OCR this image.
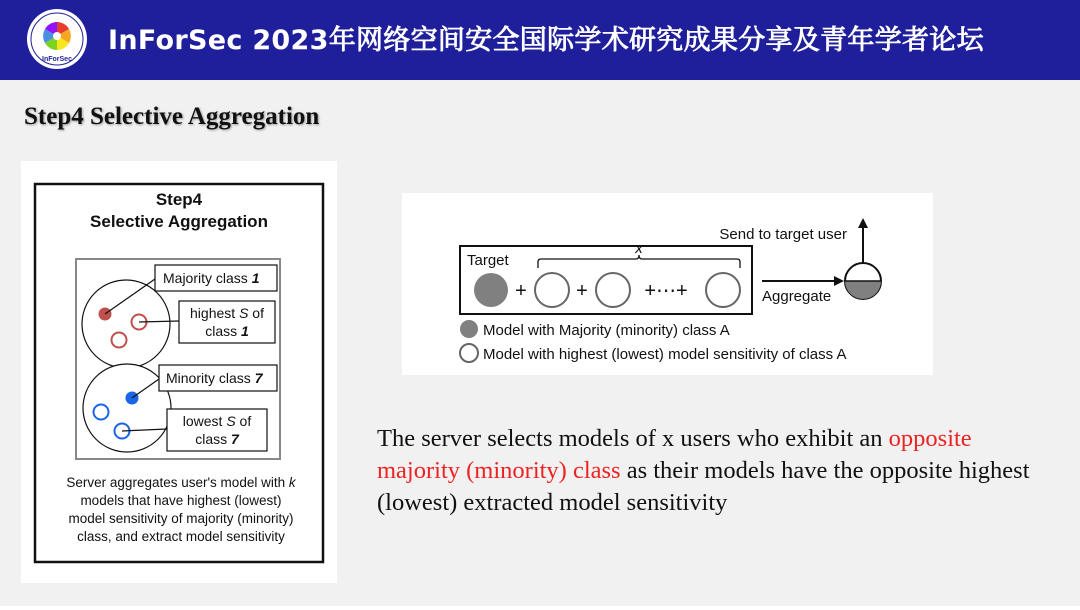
InForSec
InForSec 2023年网络空间安全国际学术研究成果分享及青年学者论坛
Step4 Selective Aggregation
Step4
Selective Aggregation
Majority class 1
highest S of
class 1
Minority class 7
lowest S of
class 7
Server aggregates user's model with k
models that have highest (lowest)
model sensitivity of majority (minority)
class, and extract model sensitivity
Target
x
+ +	+⋯+	Aggregate
Send to target user
Model with Majority (minority) class A
Model with highest (lowest) model sensitivity of class A
The server selects models of x users who exhibit an opposite majority (minority) class as their models have the opposite highest (lowest) extracted model sensitivity
